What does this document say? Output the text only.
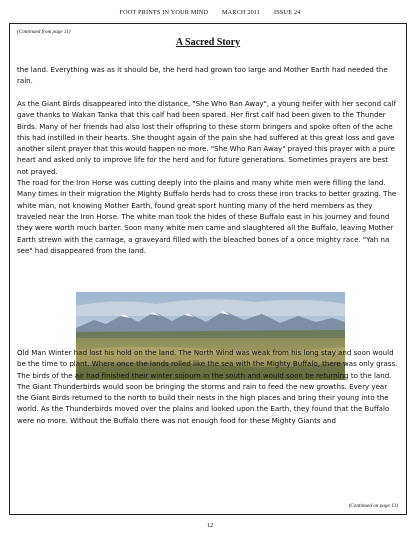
FOOT PRINTS IN YOUR MIND MARCH 2011 ISSUE 24
(Continued from page 11)
A Sacred Story

the land. Everything was as it should be, the herd had grown too large and Mother Earth had needed the rain.

As the Giant Birds disappeared into the distance, "She Who Ran Away", a young heifer with her second calf gave thanks to Wakan Tanka that this calf had been spared. Her first calf had been given to the Thunder Birds. Many of her friends had also lost their offspring to these storm bringers and spoke often of the ache this had instilled in their hearts. She thought again of the pain she had suffered at this great loss and gave another silent prayer that this would happen no more. "She Who Ran Away" prayed this prayer with a pure heart and asked only to improve life for the herd and for future generations. Sometimes prayers are best not prayed.
The road for the Iron Horse was cutting deeply into the plains and many white men were filling the land. Many times in their migration the Mighty Buffalo herds had to cross these iron tracks to better grazing. The white man, not knowing Mother Earth, found great sport hunting many of the herd members as they traveled near the Iron Horse. The white man took the hides of these Buffalo east in his journey and found they were worth much barter. Soon many white men came and slaughtered all the Buffalo, leaving Mother Earth strewn with the carnage, a graveyard filled with the bleached bones of a once mighty race. "Yah na see" had disappeared from the land.

Old Man Winter had lost his hold on the land. The North Wind was weak from his long stay and soon would be the time to plant. Where once the lands rolled like the sea with the Mighty Buffalo, there was only grass. The birds of the air had finished their winter sojourn in the south and would soon be returning to the land. The Giant Thunderbirds would soon be bringing the storms and rain to feed the new growths. Every year the Giant Birds returned to the north to build their nests in the high places and bring their young into the world. As the Thunderbirds moved over the plains and looked upon the Earth, they found that the Buffalo were no more. Without the Buffalo there was not enough food for these Mighty Giants and

(Continued on page 13)
12
